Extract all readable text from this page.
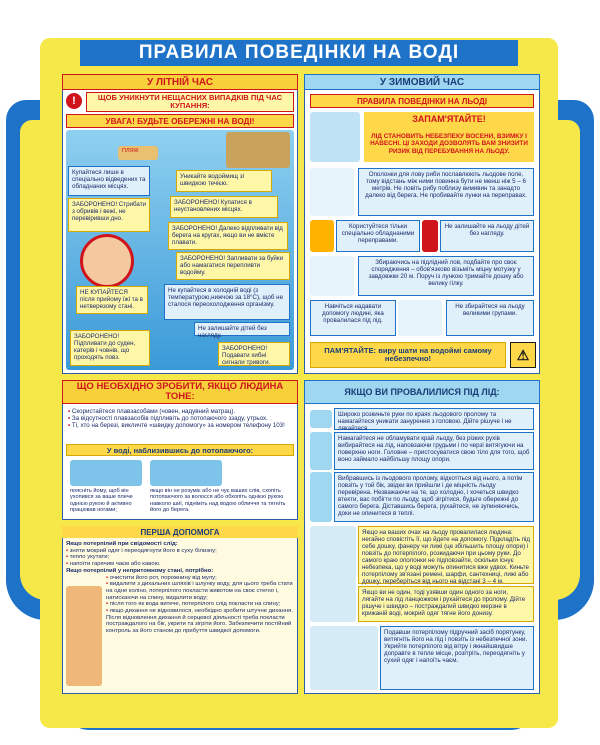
ПРАВИЛА ПОВЕДІНКИ НА ВОДІ
У ЛІТНІЙ ЧАС
!	ЩОБ УНИКНУТИ НЕЩАСНИХ ВИПАДКІВ ПІД ЧАС КУПАННЯ:
УВАГА! БУДЬТЕ ОБЕРЕЖНІ НА ВОДІ!
ПЛЯЖ
Купайтеся лише в спеціально відведених та обладнаних місцях.
Уникайте водоймищ зі швидкою течією.
ЗАБОРОНЕНО! Стрибати з обривів і вежі, не перевіривши дно.
ЗАБОРОНЕНО! Купатися в неустановлених місцях.
ЗАБОРОНЕНО! Далеко відпливати від берега на кругах, якщо ви не вмієте плавати.
ЗАБОРОНЕНО! Запливати за буйки або намагатися перепливти водойму.
НЕ КУПАЙТЕСЯ після прийому їжі та в нетверезому стані.
Не купайтеся в холодній воді (з температурою,нижчою за 18°С), щоб не сталося переохолодження організму.
ЗАБОРОНЕНО! Підпливати до суден, катерів і човнів, що проходять повз.
Не залишайте дітей без нагляду.
ЗАБОРОНЕНО! Подавати хибні сигнали тривоги.
ЩО НЕОБХІДНО ЗРОБИТИ, ЯКЩО ЛЮДИНА ТОНЕ:
• Скористайтеся плавзасобами (човен, надувний матрац).
• За відсутності плавзасобів підпливіть до потопаючого ззаду, утрьох.
• Ті, хто на березі, викличте «швидку допомогу» за номером телефону 103!
У воді, наблизившись до потопаючого:
поясніть йому, щоб він ухопився за ваше плече однією рукою й активно працював ногами;
якщо він не розуміє або не чує ваших слів, схопіть потопаючого за волосся або обхопіть однією рукою навколо шиї, підніміть над водою обличчя та тягніть його до берега.
ПЕРША ДОПОМОГА
Якщо потерпілий при свідомості слід:
• зняти мокрий одяг і переодягнути його в суху білизну;
• тепло укутати;
• напоїти гарячим чаєм або кавою.
Якщо потерпілий у непритомному стані, потрібно:
• очистити його рот, порожнину від мулу;
• видалити з дихальних шляхів і шлунку воду, для цього треба стати на одне коліно, потерпілого покласти животом на своє стегно і, натискаючи на спину, видалити воду;
• після того як вода витече, потерпілого слід покласти на спину;
• якщо дихання не відновилося, необхідно зробити штучне дихання. Після відновлення дихання й серцевої діяльності треба покласти постраждалого на бік, укрити та зігріти його. Забезпечити постійний контроль за його станом до прибуття швидкої допомоги.
У ЗИМОВИЙ ЧАС
ПРАВИЛА ПОВЕДІНКИ НА ЛЬОДІ
ЗАПАМ'ЯТАЙТЕ!
ЛІД СТАНОВИТЬ НЕБЕЗПЕКУ ВОСЕНИ, ВЗИМКУ І НАВЕСНІ. ЦІ ЗАХОДИ ДОЗВОЛЯТЬ ВАМ ЗНИЗИТИ РИЗИК ВІД ПЕРЕБУВАННЯ НА ЛЬОДУ.
Ополонки для лову риби пославлюють льодове поле, тому відстань між ними повинна бути не менш ніж 5 – 6 метрів. Не ловіть рибу поблизу вимивин та занадто далеко від берега. Не пробивайте лунки на переправах.
Користуйтеся тільки спеціально обладнаними переправами.
Не залишайте на льоду дітей без нагляду.
Збираючись на підлідний лов, подбайте про своє спорядження – обов'язково візьміть міцну мотузку у завдовжки 20 м. Поруч із лункою тримайте дошку або велику гілку.
Навчіться надавати допомогу людині, яка провалилася під лід.
Не збирайтеся на льоду великими групами.
ПАМ'ЯТАЙТЕ: виру шати на водоймі самому небезпечно!	⚠
ЯКЩО ВИ ПРОВАЛИЛИСЯ ПІД ЛІД:
Широко розкиньте руки по краях льодового пролому та намагайтеся уникати занурення з головою. Дійте рішуче і не лякайтеся.
Намагайтеся не обламувати край льоду, без різких рухів вибирайтеся на лід, наповзаючи грудьми і по черзі витягуючи на поверхню ноги. Головне – пристосуватися свою тіло для того, щоб воно займало найбільшу площу опори.
Вибравшись із льодового пролому, відкотіться від нього, а потім повзіть у той бік, звідки ви прийшли і де міцність льоду перевірена. Незважаючи на те, що холодно, і хочеться швидко втекти, вас побігти по льоду, щоб зігрітися, будьте обережні до самого берега. Діставшись берега, рухайтеся, не зупиняючись, доки не опинитеся в теплі.
Якщо на ваших очах на льоду провалилася людина: негайно сповістіть її, що йдете на допомогу. Підкладіть під себе дошку, фанеру чи лижі (це збільшить площу опори) і повзіть до потерпілого, розкидаючи при цьому руки. До самого краю ополонки не підповзайте, оскільки існує небезпека, що у воді можуть опинитися вже удвох. Киньте потерпілому зв'язані ремені, шарфи, сантехниці, лижі або дошку, переберіться від нього на відстані 3 – 4 м.
Якщо ви не один, тоді узявши один одного за ноги, лягайте на лід ланцюжком і рухайтеся до пролому. Дійте рішуче і швидко – постраждалий швидко мерзне в крижаній воді, мокрий одяг тягне його донизу.
Подавши потерпілому підручний засіб порятунку, витягніть його на лід і повзіть із небезпечної зони. Укрийте потерпілого від вітру і якнайшвидше доправте в тепле місце, розітріть, переодягніть у сухий одяг і напоїть чаєм.
